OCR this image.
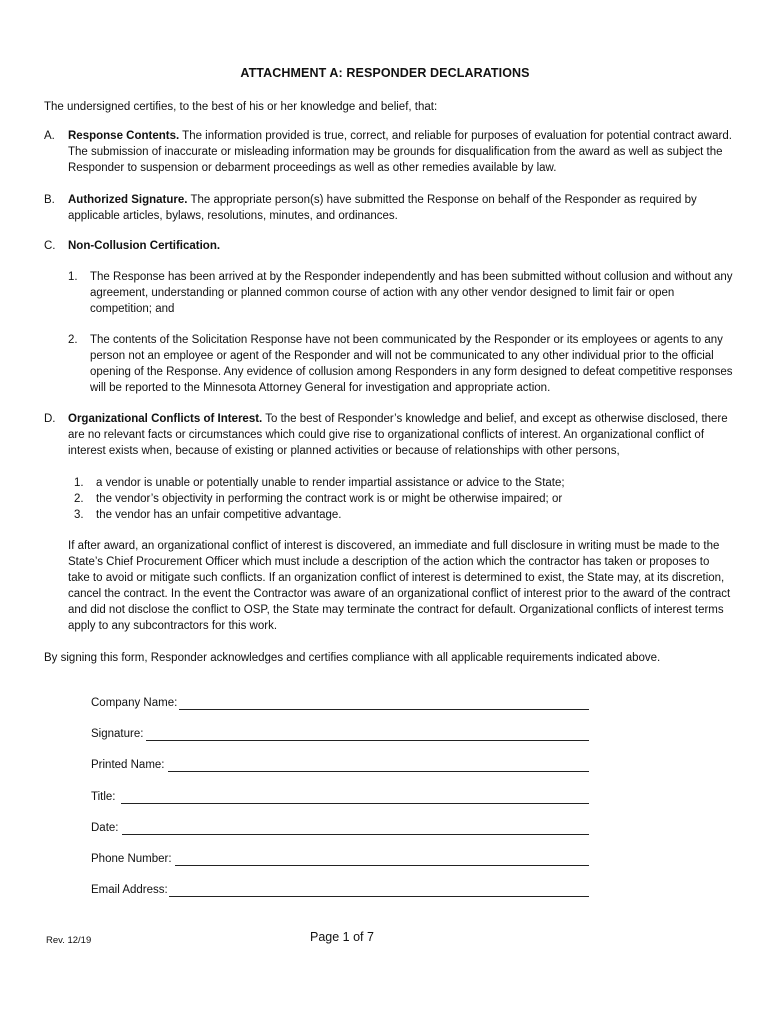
ATTACHMENT A: RESPONDER DECLARATIONS
The undersigned certifies, to the best of his or her knowledge and belief, that:
A.	Response Contents. The information provided is true, correct, and reliable for purposes of evaluation for potential contract award. The submission of inaccurate or misleading information may be grounds for disqualification from the award as well as subject the Responder to suspension or debarment proceedings as well as other remedies available by law.
B.	Authorized Signature. The appropriate person(s) have submitted the Response on behalf of the Responder as required by applicable articles, bylaws, resolutions, minutes, and ordinances.
C.	Non-Collusion Certification.
1. The Response has been arrived at by the Responder independently and has been submitted without collusion and without any agreement, understanding or planned common course of action with any other vendor designed to limit fair or open competition; and
2. The contents of the Solicitation Response have not been communicated by the Responder or its employees or agents to any person not an employee or agent of the Responder and will not be communicated to any other individual prior to the official opening of the Response. Any evidence of collusion among Responders in any form designed to defeat competitive responses will be reported to the Minnesota Attorney General for investigation and appropriate action.
D.	Organizational Conflicts of Interest. To the best of Responder’s knowledge and belief, and except as otherwise disclosed, there are no relevant facts or circumstances which could give rise to organizational conflicts of interest. An organizational conflict of interest exists when, because of existing or planned activities or because of relationships with other persons,
1. a vendor is unable or potentially unable to render impartial assistance or advice to the State;
2. the vendor’s objectivity in performing the contract work is or might be otherwise impaired; or
3. the vendor has an unfair competitive advantage.
If after award, an organizational conflict of interest is discovered, an immediate and full disclosure in writing must be made to the State’s Chief Procurement Officer which must include a description of the action which the contractor has taken or proposes to take to avoid or mitigate such conflicts. If an organization conflict of interest is determined to exist, the State may, at its discretion, cancel the contract. In the event the Contractor was aware of an organizational conflict of interest prior to the award of the contract and did not disclose the conflict to OSP, the State may terminate the contract for default. Organizational conflicts of interest terms apply to any subcontractors for this work.
By signing this form, Responder acknowledges and certifies compliance with all applicable requirements indicated above.
Company Name:
Signature:
Printed Name:
Title:
Date:
Phone Number:
Email Address:
Rev. 12/19	Page 1 of 7
